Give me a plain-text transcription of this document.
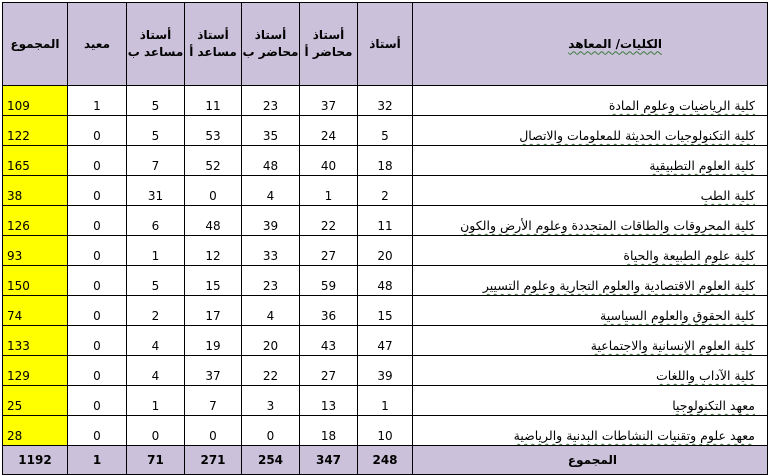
المجموع	معيد	أستاذ مساعد ب	أستاذ مساعد أ	أستاذ محاضر ب	أستاذ محاضر أ	أستاذ	الكليات/ المعاهد
109	1	5	11	23	37	32	كلية الرياضيات وعلوم المادة
122	0	5	53	35	24	5	كلية التكنولوجيات الحديثة للمعلومات والاتصال
165	0	7	52	48	40	18	كلية العلوم التطبيقية
38	0	31	0	4	1	2	كلية الطب
126	0	6	48	39	22	11	كلية المحروقات والطاقات المتجددة وعلوم الأرض والكون
93	0	1	12	33	27	20	كلية علوم الطبيعة والحياة
150	0	5	15	23	59	48	كلية العلوم الاقتصادية والعلوم التجارية وعلوم التسيير
74	0	2	17	4	36	15	كلية الحقوق والعلوم السياسية
133	0	4	19	20	43	47	كلية العلوم الإنسانية والاجتماعية
129	0	4	37	22	27	39	كلية الآداب واللغات
25	0	1	7	3	13	1	معهد التكنولوجيا
28	0	0	0	0	18	10	معهد علوم وتقنيات النشاطات البدنية والرياضية
1192	1	71	271	254	347	248	المجموع
